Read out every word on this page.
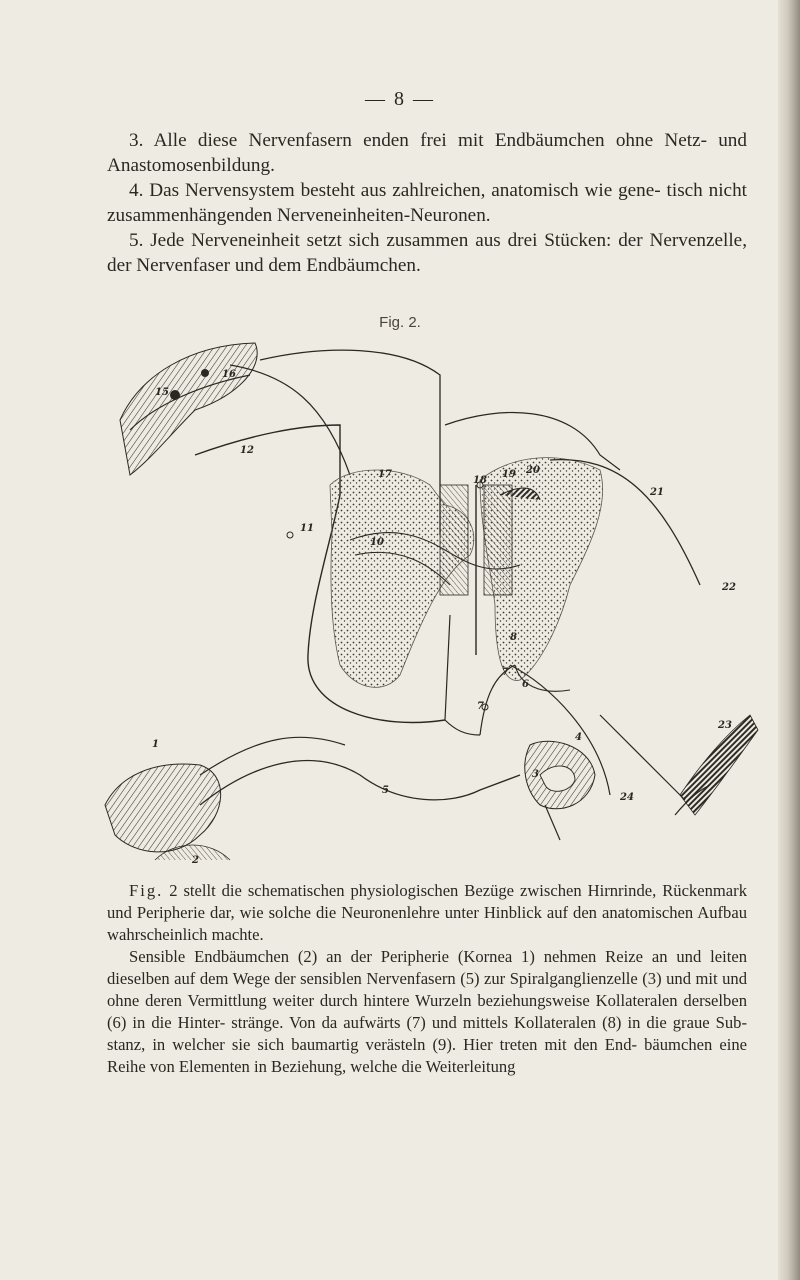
— 8 —

3. Alle diese Nervenfasern enden frei mit Endbäumchen ohne Netz- und Anastomosenbildung.

4. Das Nervensystem besteht aus zahlreichen, anatomisch wie gene- tisch nicht zusammenhängenden Nerveneinheiten-Neuronen.

5. Jede Nerveneinheit setzt sich zusammen aus drei Stücken: der Nervenzelle, der Nervenfaser und dem Endbäumchen.

Fig. 2.
16
15
12
17
18
19 20
21
11
10
22
8
7
6
7
4
23
1
3
5
24
2

Fig. 2 stellt die schematischen physiologischen Bezüge zwischen Hirnrinde, Rückenmark und Peripherie dar, wie solche die Neuronenlehre unter Hinblick auf den anatomischen Aufbau wahrscheinlich machte.

Sensible Endbäumchen (2) an der Peripherie (Kornea 1) nehmen Reize an und leiten dieselben auf dem Wege der sensiblen Nervenfasern (5) zur Spiralganglienzelle (3) und mit und ohne deren Vermittlung weiter durch hintere Wurzeln beziehungsweise Kollateralen derselben (6) in die Hinter- stränge. Von da aufwärts (7) und mittels Kollateralen (8) in die graue Sub- stanz, in welcher sie sich baumartig verästeln (9). Hier treten mit den End- bäumchen eine Reihe von Elementen in Beziehung, welche die Weiterleitung
